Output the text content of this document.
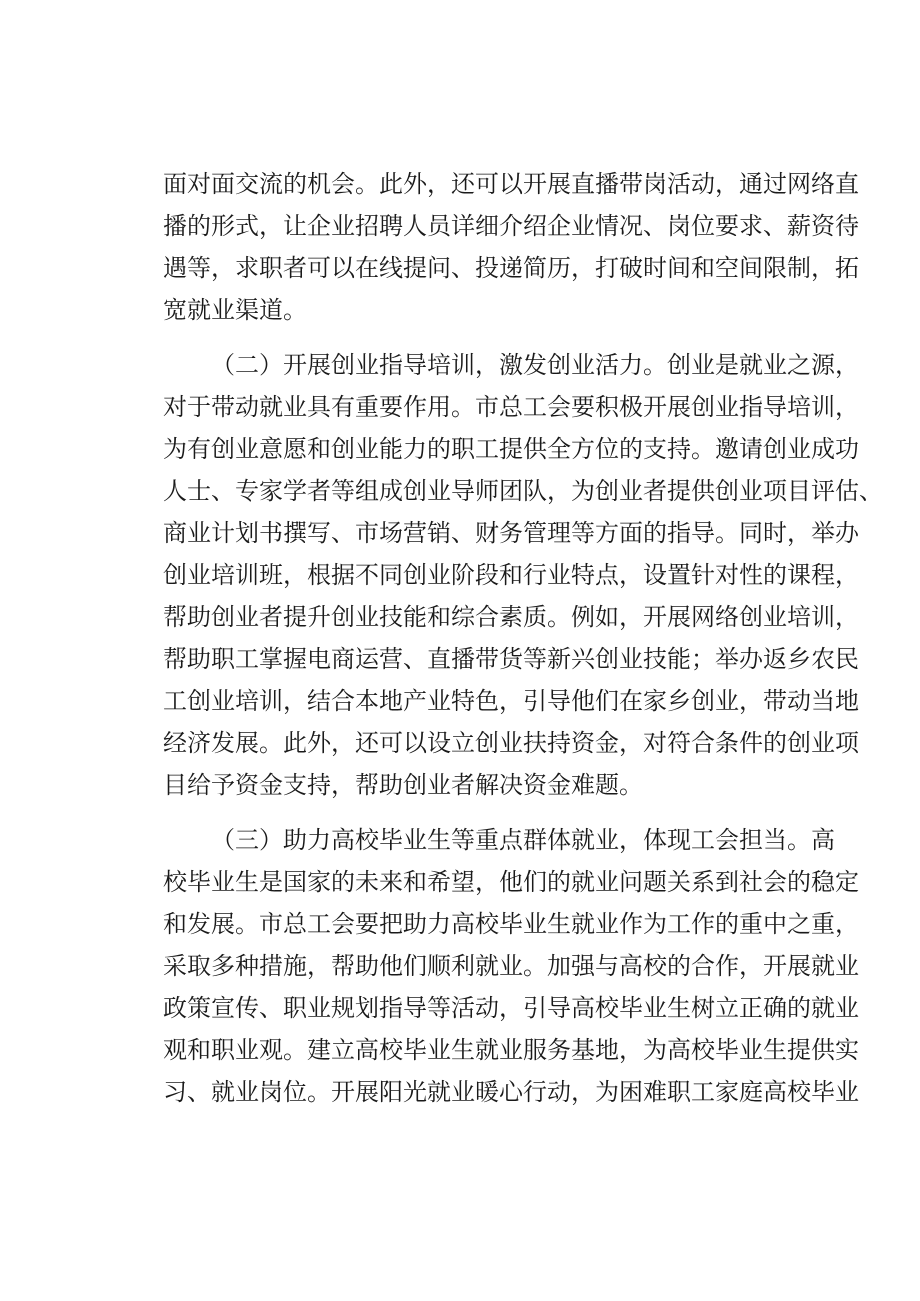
面对面交流的机会。此外，还可以开展直播带岗活动，通过网络直
播的形式，让企业招聘人员详细介绍企业情况、岗位要求、薪资待
遇等，求职者可以在线提问、投递简历，打破时间和空间限制，拓
宽就业渠道。
（二）开展创业指导培训，激发创业活力。创业是就业之源，
对于带动就业具有重要作用。市总工会要积极开展创业指导培训，
为有创业意愿和创业能力的职工提供全方位的支持。邀请创业成功
人士、专家学者等组成创业导师团队，为创业者提供创业项目评估、
商业计划书撰写、市场营销、财务管理等方面的指导。同时，举办
创业培训班，根据不同创业阶段和行业特点，设置针对性的课程，
帮助创业者提升创业技能和综合素质。例如，开展网络创业培训，
帮助职工掌握电商运营、直播带货等新兴创业技能；举办返乡农民
工创业培训，结合本地产业特色，引导他们在家乡创业，带动当地
经济发展。此外，还可以设立创业扶持资金，对符合条件的创业项
目给予资金支持，帮助创业者解决资金难题。
（三）助力高校毕业生等重点群体就业，体现工会担当。高
校毕业生是国家的未来和希望，他们的就业问题关系到社会的稳定
和发展。市总工会要把助力高校毕业生就业作为工作的重中之重，
采取多种措施，帮助他们顺利就业。加强与高校的合作，开展就业
政策宣传、职业规划指导等活动，引导高校毕业生树立正确的就业
观和职业观。建立高校毕业生就业服务基地，为高校毕业生提供实
习、就业岗位。开展阳光就业暖心行动，为困难职工家庭高校毕业
